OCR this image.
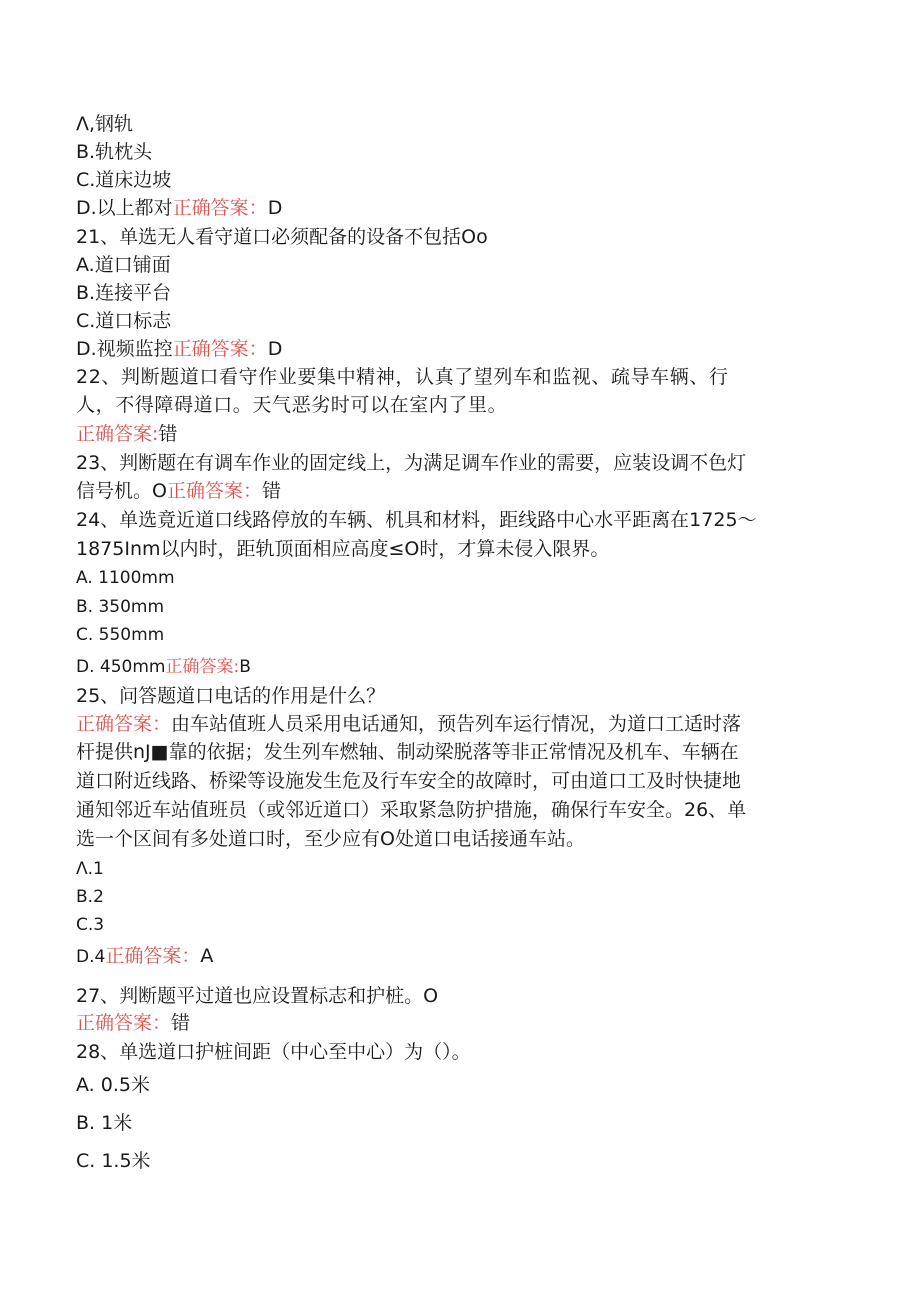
Λ,钢轨
B.轨枕头
C.道床边坡
D.以上都对正确答案：D
21、单选无人看守道口必须配备的设备不包括Oo
A.道口铺面
B.连接平台
C.道口标志
D.视频监控正确答案：D
22、判断题道口看守作业要集中精神，认真了望列车和监视、疏导车辆、行
人，不得障碍道口。天气恶劣时可以在室内了里。
正确答案:错
23、判断题在有调车作业的固定线上，为满足调车作业的需要，应装设调不色灯
信号机。O正确答案：错
24、单选竟近道口线路停放的车辆、机具和材料，距线路中心水平距离在1725～
1875Inm以内时，距轨顶面相应高度≤O时，才算未侵入限界。
A. 1100mm
B. 350mm
C. 550mm
D. 450mm正确答案:B
25、问答题道口电话的作用是什么？
正确答案：由车站值班人员采用电话通知，预告列车运行情况，为道口工适时落
杆提供nJ■靠的依据；发生列车燃轴、制动梁脱落等非正常情况及机车、车辆在
道口附近线路、桥梁等设施发生危及行车安全的故障时，可由道口工及时快捷地
通知邻近车站值班员（或邻近道口）采取紧急防护措施，确保行车安全。26、单
选一个区间有多处道口时，至少应有O处道口电话接通车站。
Λ.1
B.2
C.3
D.4正确答案：A
27、判断题平过道也应设置标志和护桩。O
正确答案：错
28、单选道口护桩间距（中心至中心）为（）。
A. 0.5米
B. 1米
C. 1.5米
